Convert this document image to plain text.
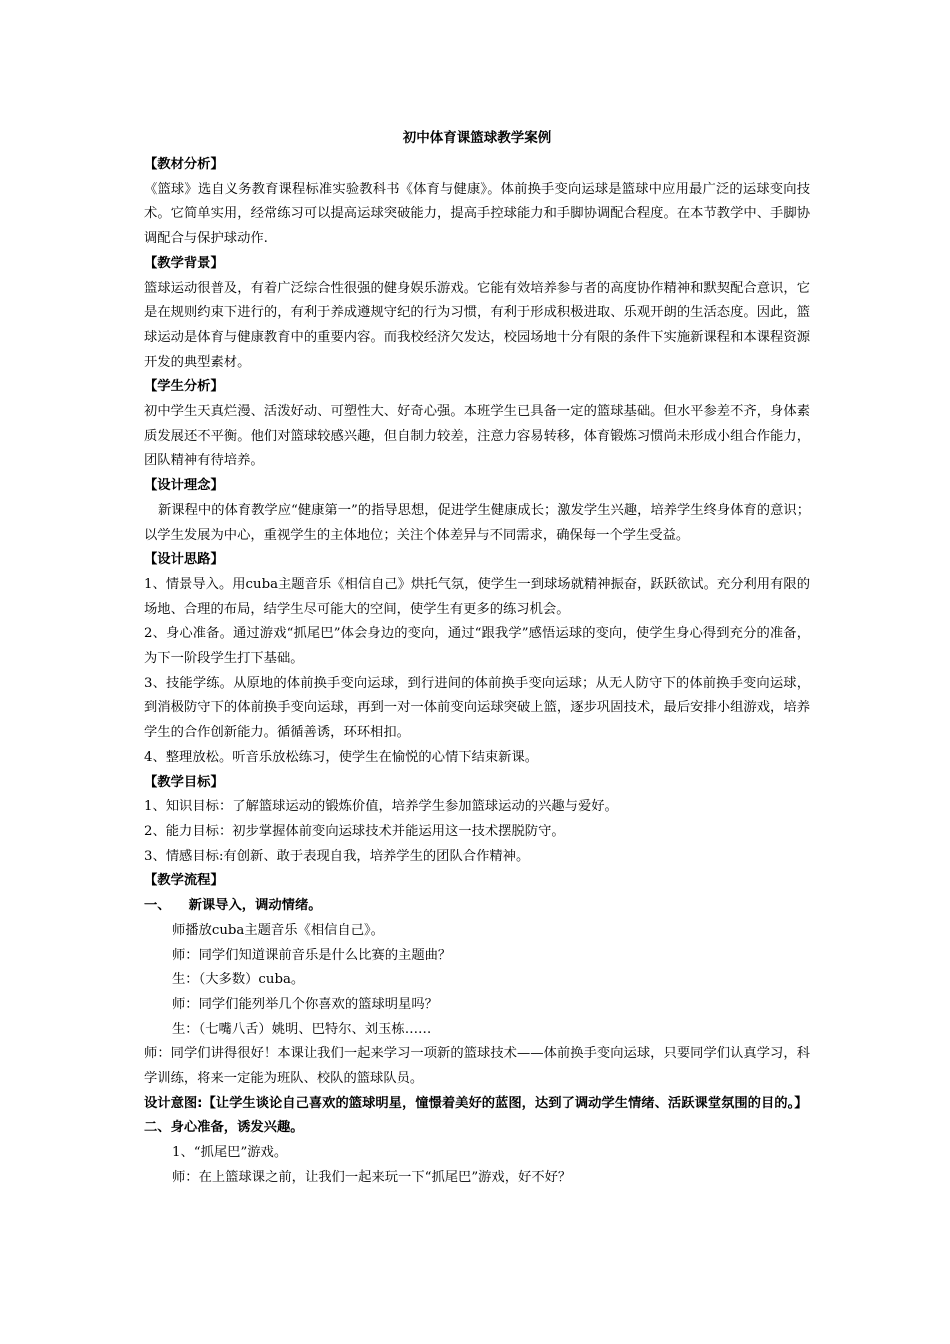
初中体育课篮球教学案例

【教材分析】

《篮球》选自义务教育课程标准实验教科书《体育与健康》。体前换手变向运球是篮球中应用最广泛的运球变向技术。它简单实用，经常练习可以提高运球突破能力，提高手控球能力和手脚协调配合程度。在本节教学中、手脚协调配合与保护球动作.

【教学背景】

篮球运动很普及，有着广泛综合性很强的健身娱乐游戏。它能有效培养参与者的高度协作精神和默契配合意识，它是在规则约束下进行的，有利于养成遵规守纪的行为习惯，有利于形成积极进取、乐观开朗的生活态度。因此，篮球运动是体育与健康教育中的重要内容。而我校经济欠发达，校园场地十分有限的条件下实施新课程和本课程资源开发的典型素材。

【学生分析】

初中学生天真烂漫、活泼好动、可塑性大、好奇心强。本班学生已具备一定的篮球基础。但水平参差不齐，身体素质发展还不平衡。他们对篮球较感兴趣，但自制力较差，注意力容易转移，体育锻炼习惯尚未形成小组合作能力，团队精神有待培养。

【设计理念】

新课程中的体育教学应“健康第一”的指导思想，促进学生健康成长；激发学生兴趣，培养学生终身体育的意识；以学生发展为中心，重视学生的主体地位；关注个体差异与不同需求，确保每一个学生受益。

【设计思路】

1、情景导入。用cuba主题音乐《相信自己》烘托气氛，使学生一到球场就精神振奋，跃跃欲试。充分利用有限的场地、合理的布局，结学生尽可能大的空间，使学生有更多的练习机会。

2、身心准备。通过游戏“抓尾巴”体会身边的变向，通过“跟我学”感悟运球的变向，使学生身心得到充分的准备，为下一阶段学生打下基础。

3、技能学练。从原地的体前换手变向运球，到行进间的体前换手变向运球；从无人防守下的体前换手变向运球，到消极防守下的体前换手变向运球，再到一对一体前变向运球突破上篮，逐步巩固技术，最后安排小组游戏，培养学生的合作创新能力。循循善诱，环环相扣。

4、整理放松。听音乐放松练习，使学生在愉悦的心情下结束新课。

【教学目标】

1、知识目标：了解篮球运动的锻炼价值，培养学生参加篮球运动的兴趣与爱好。

2、能力目标：初步掌握体前变向运球技术并能运用这一技术摆脱防守。

3、情感目标:有创新、敢于表现自我，培养学生的团队合作精神。

【教学流程】

一、 新课导入，调动情绪。

师播放cuba主题音乐《相信自己》。

师：同学们知道课前音乐是什么比赛的主题曲？

生：（大多数）cuba。

师：同学们能列举几个你喜欢的篮球明星吗？

生：（七嘴八舌）姚明、巴特尔、刘玉栋……

师：同学们讲得很好！本课让我们一起来学习一项新的篮球技术——体前换手变向运球，只要同学们认真学习，科学训练，将来一定能为班队、校队的篮球队员。

设计意图:【让学生谈论自己喜欢的篮球明星，憧憬着美好的蓝图，达到了调动学生情绪、活跃课堂氛围的目的。】

二、身心准备，诱发兴趣。

1、“抓尾巴”游戏。

师：在上篮球课之前，让我们一起来玩一下“抓尾巴”游戏，好不好？
